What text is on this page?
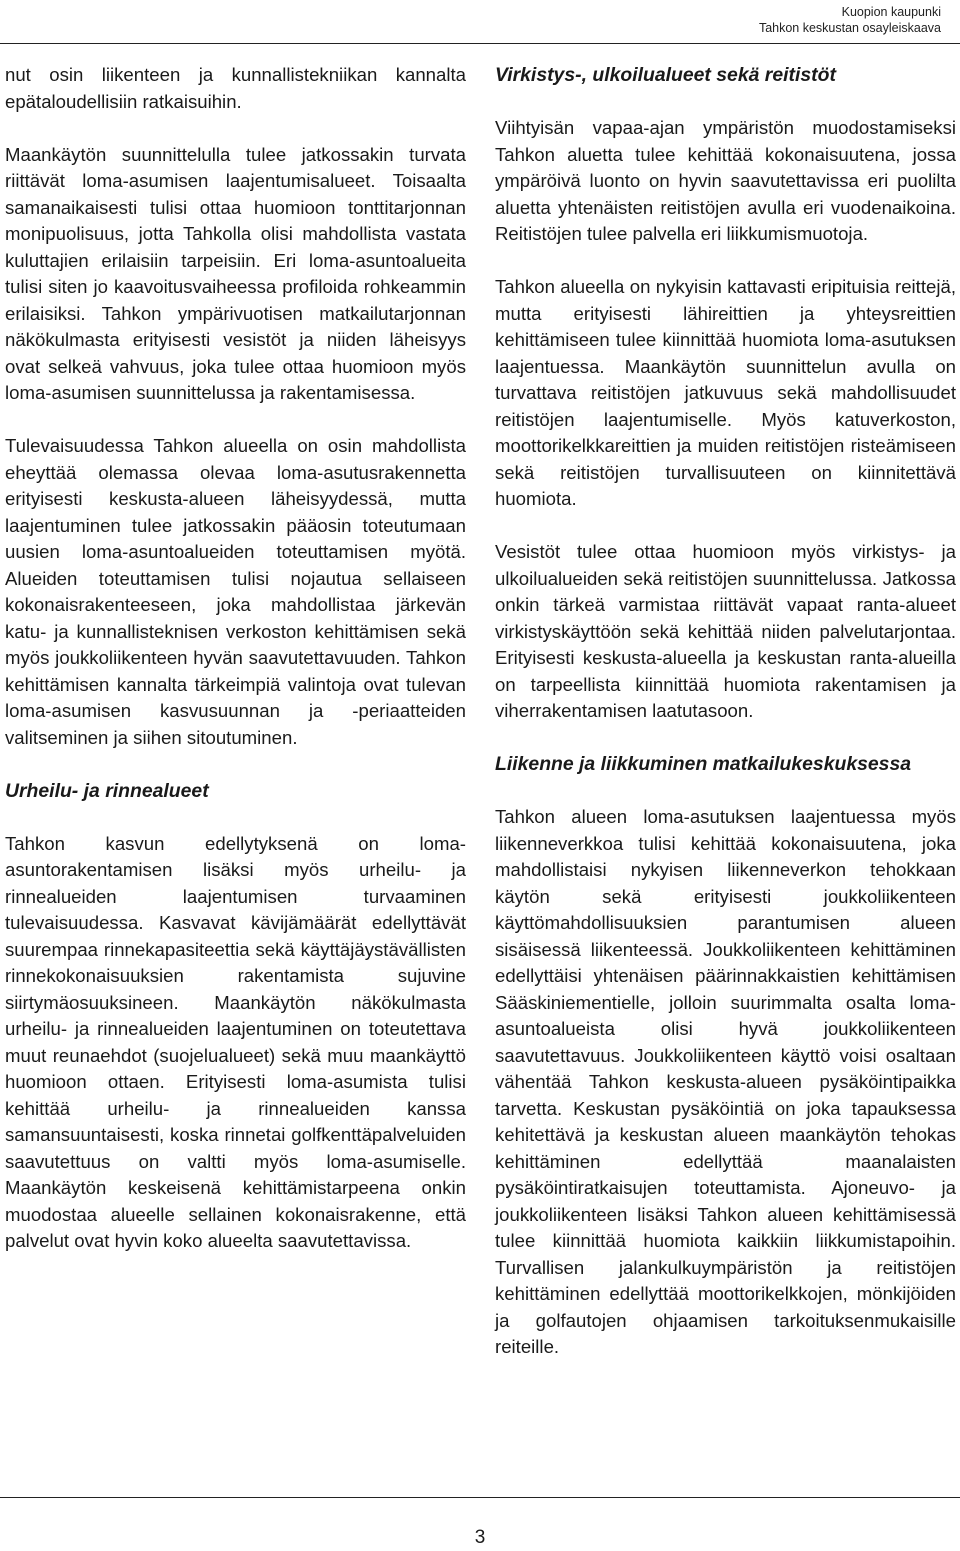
Kuopion kaupunki
Tahkon keskustan osayleiskaava

nut osin liikenteen ja kunnallistekniikan kannalta epätaloudellisiin ratkaisuihin.

Maankäytön suunnittelulla tulee jatkossakin turvata riittävät loma-asumisen laajentumisalueet. Toisaalta samanaikaisesti tulisi ottaa huomioon tonttitarjonnan monipuolisuus, jotta Tahkolla olisi mahdollista vastata kuluttajien erilaisiin tarpeisiin. Eri loma-asuntoalueita tulisi siten jo kaavoitusvaiheessa profiloida rohkeammin erilaisiksi. Tahkon ympärivuotisen matkailutarjonnan näkökulmasta erityisesti vesistöt ja niiden läheisyys ovat selkeä vahvuus, joka tulee ottaa huomioon myös loma-asumisen suunnittelussa ja rakentamisessa.

Tulevaisuudessa Tahkon alueella on osin mahdollista eheyttää olemassa olevaa loma-asutusrakennetta erityisesti keskusta-alueen läheisyydessä, mutta laajentuminen tulee jatkossakin pääosin toteutumaan uusien loma-asuntoalueiden toteuttamisen myötä. Alueiden toteuttamisen tulisi nojautua sellaiseen kokonaisrakenteeseen, joka mahdollistaa järkevän katu- ja kunnallisteknisen verkoston kehittämisen sekä myös joukkoliikenteen hyvän saavutettavuuden. Tahkon kehittämisen kannalta tärkeimpiä valintoja ovat tulevan loma-asumisen kasvusuunnan ja -periaatteiden valitseminen ja siihen sitoutuminen.

Urheilu- ja rinnealueet

Tahkon kasvun edellytyksenä on loma-asuntorakentamisen lisäksi myös urheilu- ja rinnealueiden laajentumisen turvaaminen tulevaisuudessa. Kasvavat kävijämäärät edellyttävät suurempaa rinnekapasiteettia sekä käyttäjäystävällisten rinnekokonaisuuksien rakentamista sujuvine siirtymäosuuksineen. Maankäytön näkökulmasta urheilu- ja rinnealueiden laajentuminen on toteutettava muut reunaehdot (suojelualueet) sekä muu maankäyttö huomioon ottaen. Erityisesti loma-asumista tulisi kehittää urheilu- ja rinnealueiden kanssa samansuuntaisesti, koska rinnetai golfkenttäpalveluiden saavutettuus on valtti myös loma-asumiselle. Maankäytön keskeisenä kehittämistarpeena onkin muodostaa alueelle sellainen kokonaisrakenne, että palvelut ovat hyvin koko alueelta saavutettavissa.

Virkistys-, ulkoilualueet sekä reitistöt

Viihtyisän vapaa-ajan ympäristön muodostamiseksi Tahkon aluetta tulee kehittää kokonaisuutena, jossa ympäröivä luonto on hyvin saavutettavissa eri puolilta aluetta yhtenäisten reitistöjen avulla eri vuodenaikoina. Reitistöjen tulee palvella eri liikkumismuotoja.

Tahkon alueella on nykyisin kattavasti eripituisia reittejä, mutta erityisesti lähireittien ja yhteysreittien kehittämiseen tulee kiinnittää huomiota loma-asutuksen laajentuessa. Maankäytön suunnittelun avulla on turvattava reitistöjen jatkuvuus sekä mahdollisuudet reitistöjen laajentumiselle. Myös katuverkoston, moottorikelkkareittien ja muiden reitistöjen risteämiseen sekä reitistöjen turvallisuuteen on kiinnitettävä huomiota.

Vesistöt tulee ottaa huomioon myös virkistys- ja ulkoilualueiden sekä reitistöjen suunnittelussa. Jatkossa onkin tärkeä varmistaa riittävät vapaat ranta-alueet virkistyskäyttöön sekä kehittää niiden palvelutarjontaa. Erityisesti keskusta-alueella ja keskustan ranta-alueilla on tarpeellista kiinnittää huomiota rakentamisen ja viherrakentamisen laatutasoon.

Liikenne ja liikkuminen matkailukeskuksessa

Tahkon alueen loma-asutuksen laajentuessa myös liikenneverkkoa tulisi kehittää kokonaisuutena, joka mahdollistaisi nykyisen liikenneverkon tehokkaan käytön sekä erityisesti joukkoliikenteen käyttömahdollisuuksien parantumisen alueen sisäisessä liikenteessä. Joukkoliikenteen kehittäminen edellyttäisi yhtenäisen päärinnakkaistien kehittämisen Sääskiniementielle, jolloin suurimmalta osalta loma-asuntoalueista olisi hyvä joukkoliikenteen saavutettavuus. Joukkoliikenteen käyttö voisi osaltaan vähentää Tahkon keskusta-alueen pysäköintipaikka tarvetta. Keskustan pysäköintiä on joka tapauksessa kehitettävä ja keskustan alueen maankäytön tehokas kehittäminen edellyttää maanalaisten pysäköintiratkaisujen toteuttamista. Ajoneuvo- ja joukkoliikenteen lisäksi Tahkon alueen kehittämisessä tulee kiinnittää huomiota kaikkiin liikkumistapoihin. Turvallisen jalankulkuympäristön ja reitistöjen kehittäminen edellyttää moottorikelkkojen, mönkijöiden ja golfautojen ohjaamisen tarkoituksenmukaisille reiteille.

3
